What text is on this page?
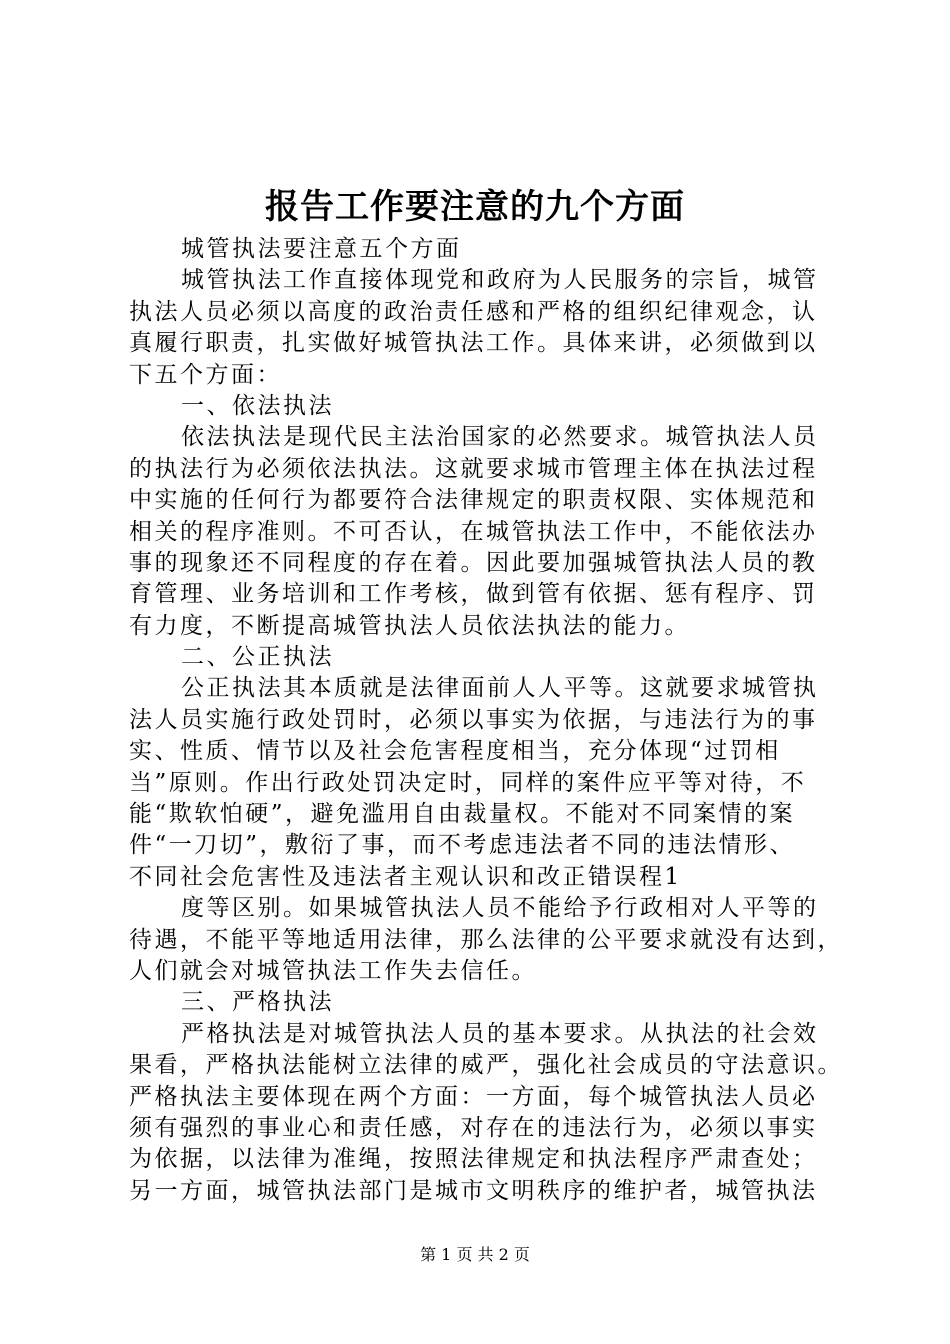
报告工作要注意的九个方面
城管执法要注意五个方面
城管执法工作直接体现党和政府为人民服务的宗旨，城管
执法人员必须以高度的政治责任感和严格的组织纪律观念，认
真履行职责，扎实做好城管执法工作。具体来讲，必须做到以
下五个方面：
一、依法执法
依法执法是现代民主法治国家的必然要求。城管执法人员
的执法行为必须依法执法。这就要求城市管理主体在执法过程
中实施的任何行为都要符合法律规定的职责权限、实体规范和
相关的程序准则。不可否认，在城管执法工作中，不能依法办
事的现象还不同程度的存在着。因此要加强城管执法人员的教
育管理、业务培训和工作考核，做到管有依据、惩有程序、罚
有力度，不断提高城管执法人员依法执法的能力。
二、公正执法
公正执法其本质就是法律面前人人平等。这就要求城管执
法人员实施行政处罚时，必须以事实为依据，与违法行为的事
实、性质、情节以及社会危害程度相当，充分体现“过罚相
当”原则。作出行政处罚决定时，同样的案件应平等对待，不
能“欺软怕硬”，避免滥用自由裁量权。不能对不同案情的案
件“一刀切”，敷衍了事，而不考虑违法者不同的违法情形、
不同社会危害性及违法者主观认识和改正错误程1
度等区别。如果城管执法人员不能给予行政相对人平等的
待遇，不能平等地适用法律，那么法律的公平要求就没有达到，
人们就会对城管执法工作失去信任。
三、严格执法
严格执法是对城管执法人员的基本要求。从执法的社会效
果看，严格执法能树立法律的威严，强化社会成员的守法意识。
严格执法主要体现在两个方面：一方面，每个城管执法人员必
须有强烈的事业心和责任感，对存在的违法行为，必须以事实
为依据，以法律为准绳，按照法律规定和执法程序严肃查处；
另一方面，城管执法部门是城市文明秩序的维护者，城管执法
第 1 页 共 2 页
